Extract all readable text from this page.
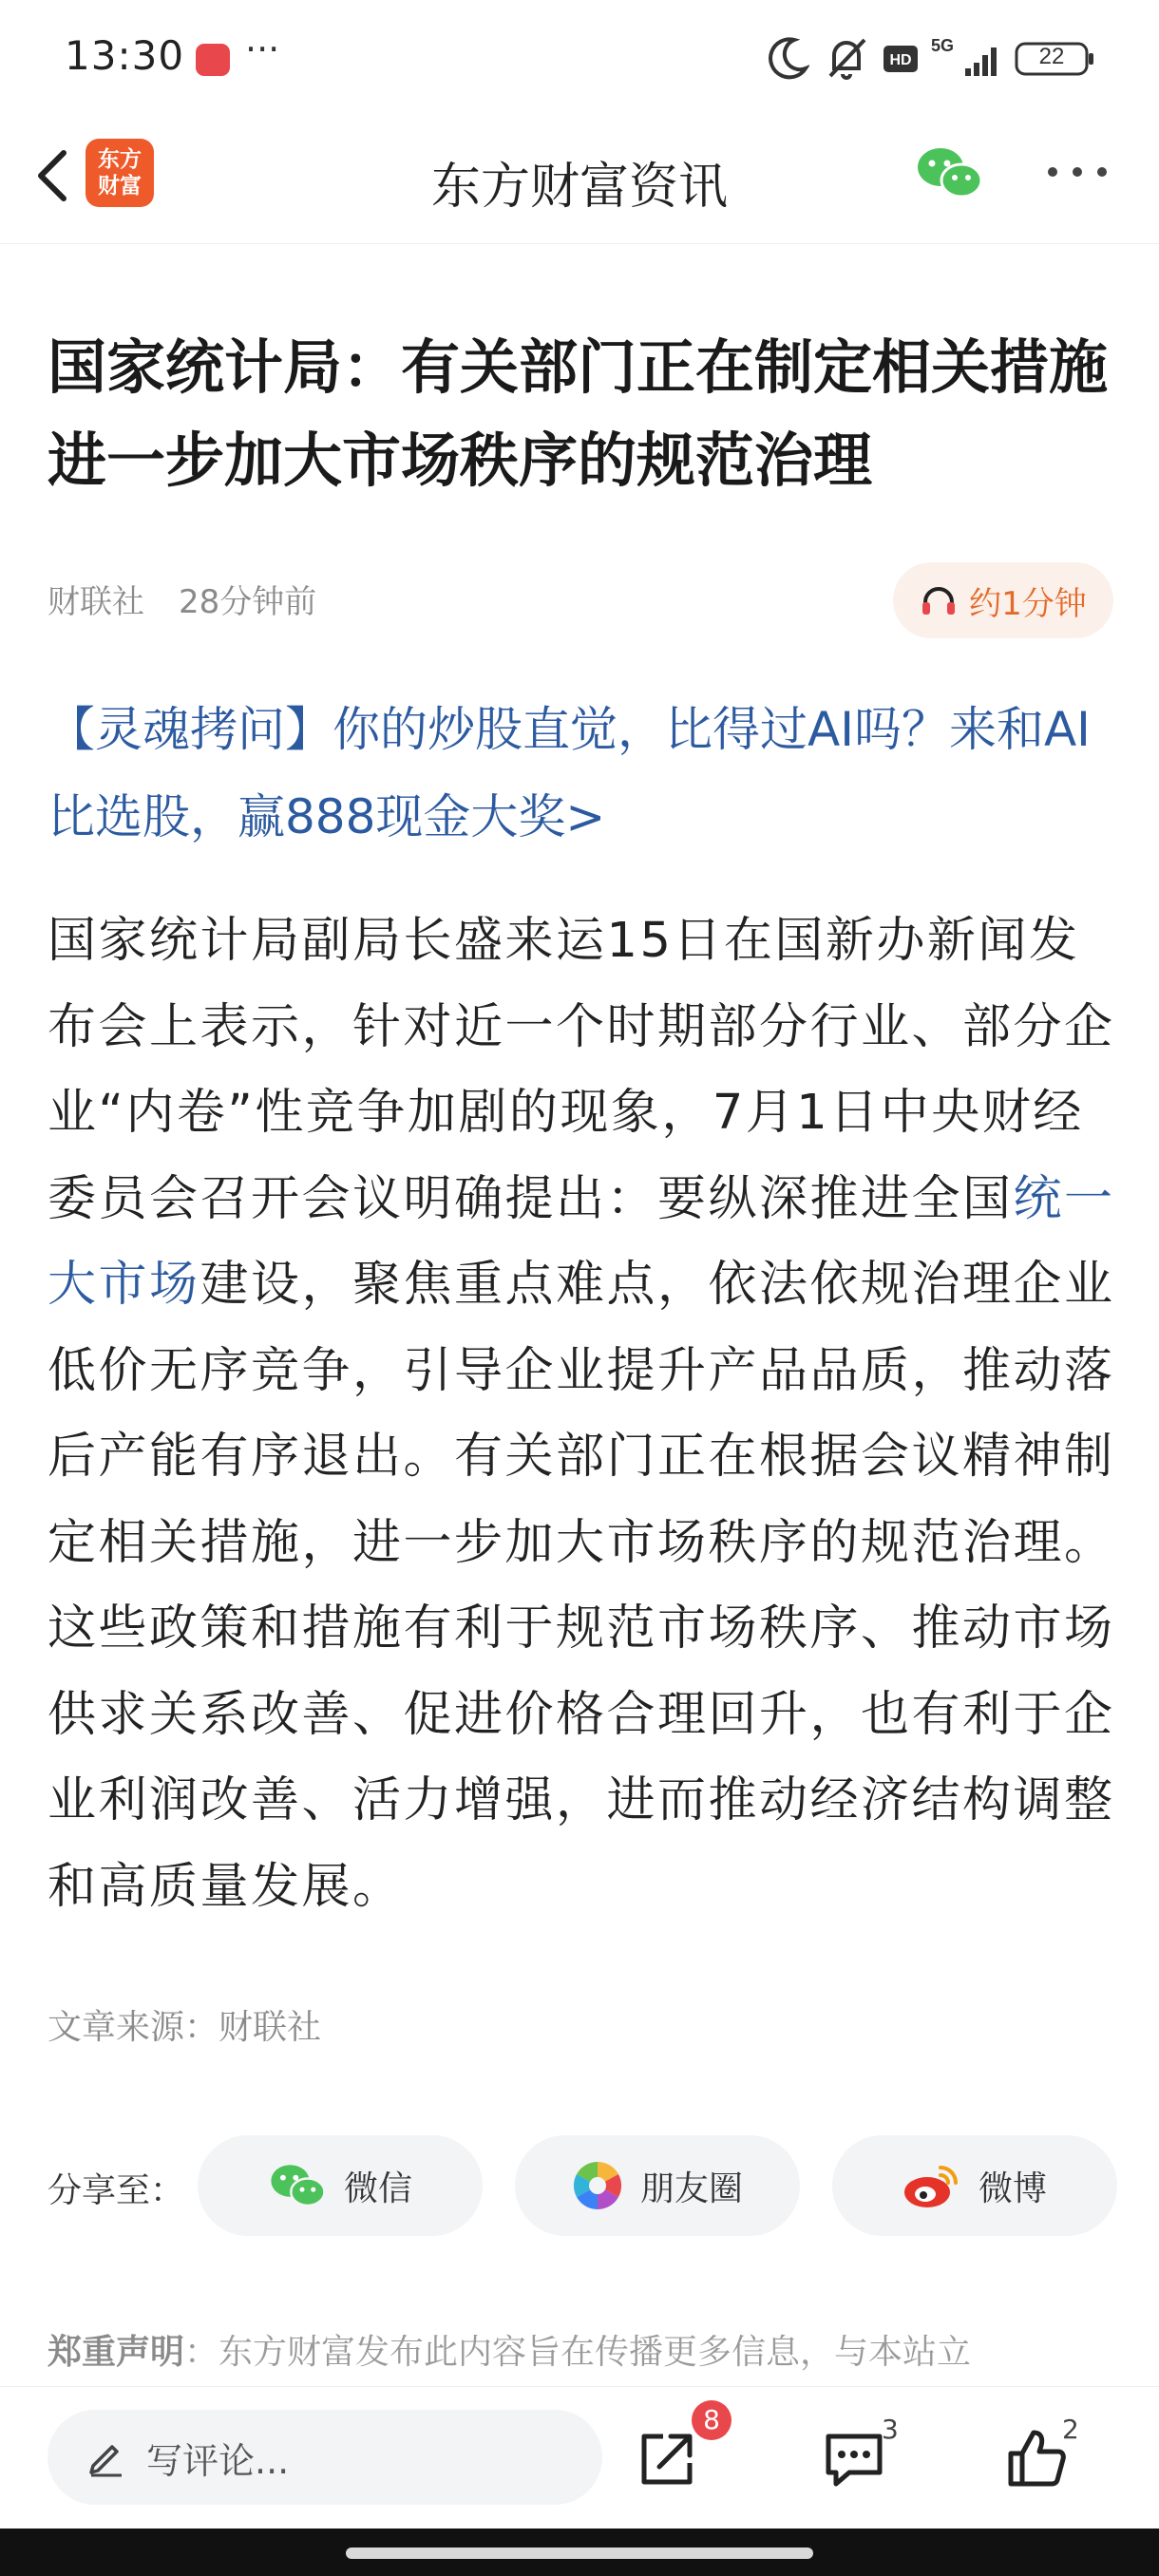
13:30 ···	HD
5G	22
东方
财富	东方财富资讯
国家统计局：有关部门正在制定相关措施 进一步加大市场秩序的规范治理
财联社 28分钟前	约1分钟
【灵魂拷问】你的炒股直觉，比得过AI吗？来和AI比选股，赢888现金大奖>
国家统计局副局长盛来运15日在国新办新闻发布会上表示，针对近一个时期部分行业、部分企业“内卷”性竞争加剧的现象，7月1日中央财经委员会召开会议明确提出：要纵深推进全国统一大市场建设，聚焦重点难点，依法依规治理企业低价无序竞争，引导企业提升产品品质，推动落后产能有序退出。有关部门正在根据会议精神制定相关措施，进一步加大市场秩序的规范治理。这些政策和措施有利于规范市场秩序、推动市场供求关系改善、促进价格合理回升，也有利于企业利润改善、活力增强，进而推动经济结构调整和高质量发展。
文章来源：财联社
分享至：	微信	朋友圈	微博
郑重声明：东方财富发布此内容旨在传播更多信息，与本站立
写评论...
8	3	2
